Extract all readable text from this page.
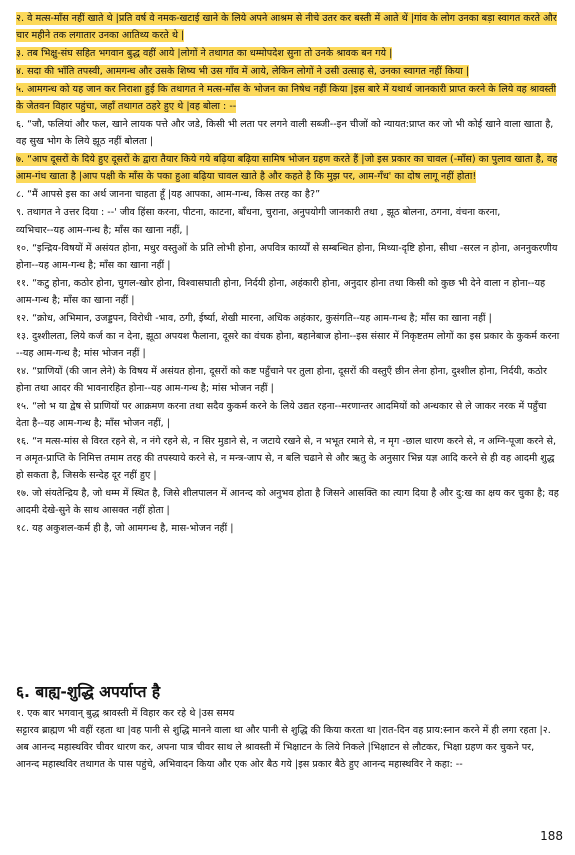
२. वे मत्स-माँस नहीं खाते थे |प्रति वर्ष वे नमक-खटाई खाने के लिये अपने आश्रम से नीचे उतर कर बस्ती में आते थें |गांव के लोग उनका बड़ा स्वागत करते और चार महीने तक लगातार उनका आतिथ्य करते थे |

३. तब भिक्षु-संघ सहित भगवान बुद्ध वहीं आये |लोगों ने तथागत का धम्मोपदेश सुना तो उनके श्रावक बन गये |

४. सदा की भाँति तपस्वी, आमगन्ध और उसके शिष्य भी उस गाँव में आये, लेकिन लोगों ने उसी उत्साह से, उनका स्वागत नहीं किया |

५. आमगन्ध को यह जान कर निराशा हुई कि तथागत ने मत्स-माँस के भोजन का निषेध नहीं किया |इस बारे में यथार्थ जानकारी प्राप्त करने के लिये वह श्रावस्ती के जेतवन विहार पहुंचा, जहाँ तथागत ठहरे हुए थे |वह बोला : --

६. “जौ, फलियां और फल, खाने लायक पत्ते और जडे, किसी भी लता पर लगने वाली सब्जी--इन चीजों को न्यायत:प्राप्त कर जो भी कोई खाने वाला खाता है, वह सुख भोग के लिये झूठ नहीं बोलता |

७. “आप दूसरों के दिये हुए दूसरों के द्वारा तैयार किये गये बढ़िया बढ़िया सामिष भोजन ग्रहण करते हैं |जो इस प्रकार का चावल (-माँस) का पुलाव खाता है, वह आम-गंध खाता है |आप पक्षी के माँस के पका हुआ बढ़िया चावल खाते है और कहते है कि मुझ पर, आम-गँध' का दोष लागू नहीं होता!

८. “मैं आपसे इस का अर्थ जानना चाहता हूँ |यह आपका, आम-गन्ध, किस तरह का है?”

९. तथागत ने उत्तर दिया : --' जीव हिंसा करना, पीटना, काटना, बाँधना, चुराना, अनुपयोगी जानकारी तथा , झूठ बोलना, ठगना, वंचना करना,

व्यभिचार--यह आम-गन्ध है; माँस का खाना नहीं, |

१०. “इन्द्रिय-विषयों में असंयत होना, मधुर वस्तुओं के प्रति लोभी होना, अपवित्र कार्य्यों से सम्बन्धित होना, मिथ्या-दृष्टि होना, सीधा -सरल न होना, अननुकरणीय होना--यह आम-गन्ध है; माँस का खाना नहीं |

११. “कटु होना, कठोर होना, चुगल-खोर होना, विश्वासघाती होना, निर्दयी होना, अहंकारी होना, अनुदार होना तथा किसी को कुछ भी देने वाला न होना--यह आम-गन्ध है; माँस का खाना नहीं |

१२. “क्रोध, अभिमान, उजड्डपन, विरोधी -भाव, ठगी, ईर्ष्या, शेखी मारना, अधिक अहंकार, कुसंगति--यह आम-गन्ध है; माँस का खाना नहीं |

१३. दुश्शीलता, लिये कर्ज का न देना, झूठा अपयश फैलाना, दूसरे का वंचक होना, बहानेबाज होना--इस संसार में निकृष्टतम लोगों का इस प्रकार के कुकर्म करना --यह आम-गन्ध है; मांस भोजन नहीं |

१४. “प्राणियों (की जान लेने) के विषय में असंयत होना, दूसरों को कष्ट पहुँचाने पर तुला होना, दूसरों की वस्तुएँ छीन लेना होना, दुश्शील होना, निर्दयी, कठोर होना तथा आदर की भावनारहित होना--यह आम-गन्ध है; मांस भोजन नहीं |

१५. “लो भ या द्वेष से प्राणियों पर आक्रमण करना तथा सदैव कुकर्म करने के लिये उद्यत रहना--मरणान्तर आदमियों को अन्धकार से ले जाकर नरक में पहुँचा देता है--यह आम-गन्ध है; माँस भोजन नहीं, |

१६. “न मत्स-मांस से विरत रहने से, न नंगे रहने से, न सिर मुडाने से, न जटाये रखने से, न भभूत रमाने से, न मृग -छाल धारण करने से, न अग्नि-पूजा करने से, न अमृत-प्राप्ति के निमित्त तमाम तरह की तपस्याये करने से, न मन्त्र-जाप से, न बलि चढाने से और ऋतु के अनुसार भिन्न यज्ञ आदि करने से ही वह आदमी शुद्ध हो सकता है, जिसके सन्देह दूर नहीं हुए |

१७. जो संयतेन्द्रिय है, जो धम्म में स्थित है, जिसे शीलपालन में आनन्द को अनुभव होता है जिसने आसक्ति का त्याग दिया है और दु:ख का क्षय कर चुका है; वह आदमी देखे-सुने के साथ आसक्त नहीं होता |

१८. यह अकुशल-कर्म ही है, जो आमगन्ध है, मास-भोजन नहीं |

६. बाह्य-शुद्धि अपर्याप्त है

१. एक बार भगवान् बुद्ध श्रावस्ती में विहार कर रहे थे |उस समय

सट्टारव ब्राह्मण भी वहीं रहता था |वह पानी से शुद्धि मानने वाला था और पानी से शुद्धि की किया करता था |रात-दिन वह प्राय:स्नान करने में ही लगा रहता |२. अब आनन्द महास्थविर चीवर धारण कर, अपना पात्र चीवर साथ ले श्रावस्ती में भिक्षाटन के लिये निकले |भिक्षाटन से लौटकर, भिक्षा ग्रहण कर चुकने पर, आनन्द महास्थविर तथागत के पास पहुंचे, अभिवादन किया और एक ओर बैठ गये |इस प्रकार बैठे हुए आनन्द महास्थविर ने कहा: --

188
